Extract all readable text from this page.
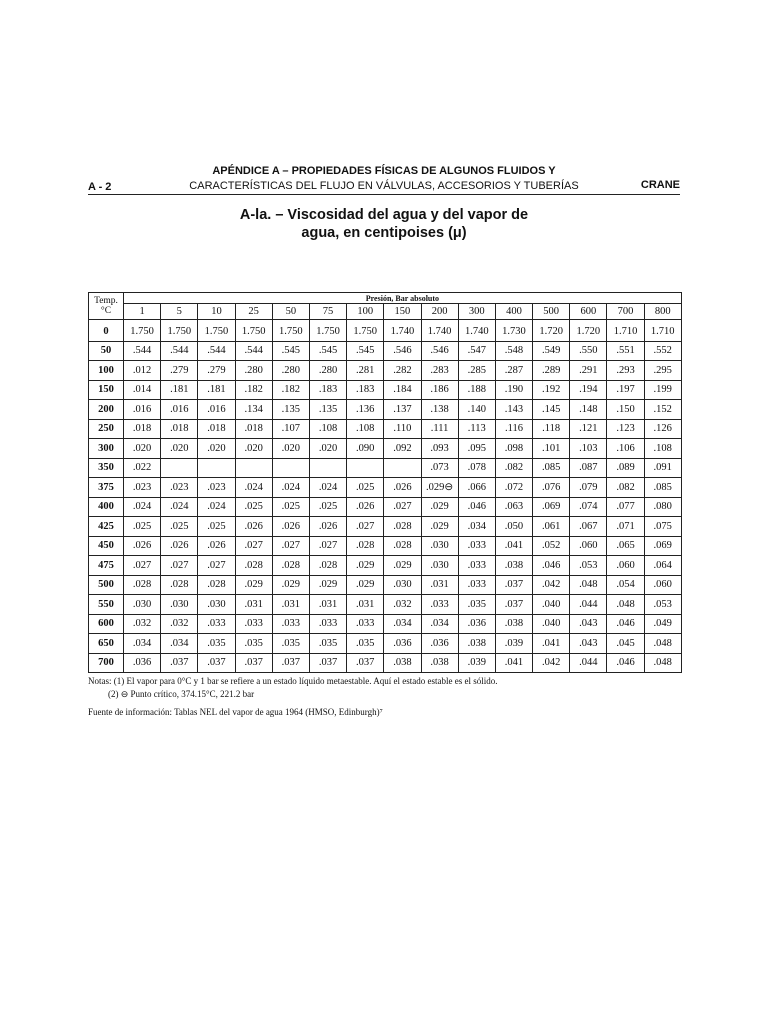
APÉNDICE A – PROPIEDADES FÍSICAS DE ALGUNOS FLUIDOS Y
CARACTERÍSTICAS DEL FLUJO EN VÁLVULAS, ACCESORIOS Y TUBERÍAS
A - 2	CRANE
A-la. – Viscosidad del agua y del vapor de
agua, en centipoises (μ)
Temp.
°C	Presión, Bar absoluto														
	1	5	10	25	50	75	100	150	200	300	400	500	600	700	800
0	1.750	1.750	1.750	1.750	1.750	1.750	1.750	1.740	1.740	1.740	1.730	1.720	1.720	1.710	1.710
50	.544	.544	.544	.544	.545	.545	.545	.546	.546	.547	.548	.549	.550	.551	.552
100	.012	.279	.279	.280	.280	.280	.281	.282	.283	.285	.287	.289	.291	.293	.295
150	.014	.181	.181	.182	.182	.183	.183	.184	.186	.188	.190	.192	.194	.197	.199
200	.016	.016	.016	.134	.135	.135	.136	.137	.138	.140	.143	.145	.148	.150	.152
250	.018	.018	.018	.018	.107	.108	.108	.110	.111	.113	.116	.118	.121	.123	.126
300	.020	.020	.020	.020	.020	.020	.090	.092	.093	.095	.098	.101	.103	.106	.108
350	.022								.073	.078	.082	.085	.087	.089	.091
375	.023	.023	.023	.024	.024	.024	.025	.026	.029⊖	.066	.072	.076	.079	.082	.085
400	.024	.024	.024	.025	.025	.025	.026	.027	.029	.046	.063	.069	.074	.077	.080
425	.025	.025	.025	.026	.026	.026	.027	.028	.029	.034	.050	.061	.067	.071	.075
450	.026	.026	.026	.027	.027	.027	.028	.028	.030	.033	.041	.052	.060	.065	.069
475	.027	.027	.027	.028	.028	.028	.029	.029	.030	.033	.038	.046	.053	.060	.064
500	.028	.028	.028	.029	.029	.029	.029	.030	.031	.033	.037	.042	.048	.054	.060
550	.030	.030	.030	.031	.031	.031	.031	.032	.033	.035	.037	.040	.044	.048	.053
600	.032	.032	.033	.033	.033	.033	.033	.034	.034	.036	.038	.040	.043	.046	.049
650	.034	.034	.035	.035	.035	.035	.035	.036	.036	.038	.039	.041	.043	.045	.048
700	.036	.037	.037	.037	.037	.037	.037	.038	.038	.039	.041	.042	.044	.046	.048
Notas: (1) El vapor para 0°C y 1 bar se refiere a un estado líquido metaestable. Aquí el estado estable es el sólido.
(2) ⊖ Punto crítico, 374.15°C, 221.2 bar
Fuente de información: Tablas NEL del vapor de agua 1964 (HMSO, Edinburgh)⁷
